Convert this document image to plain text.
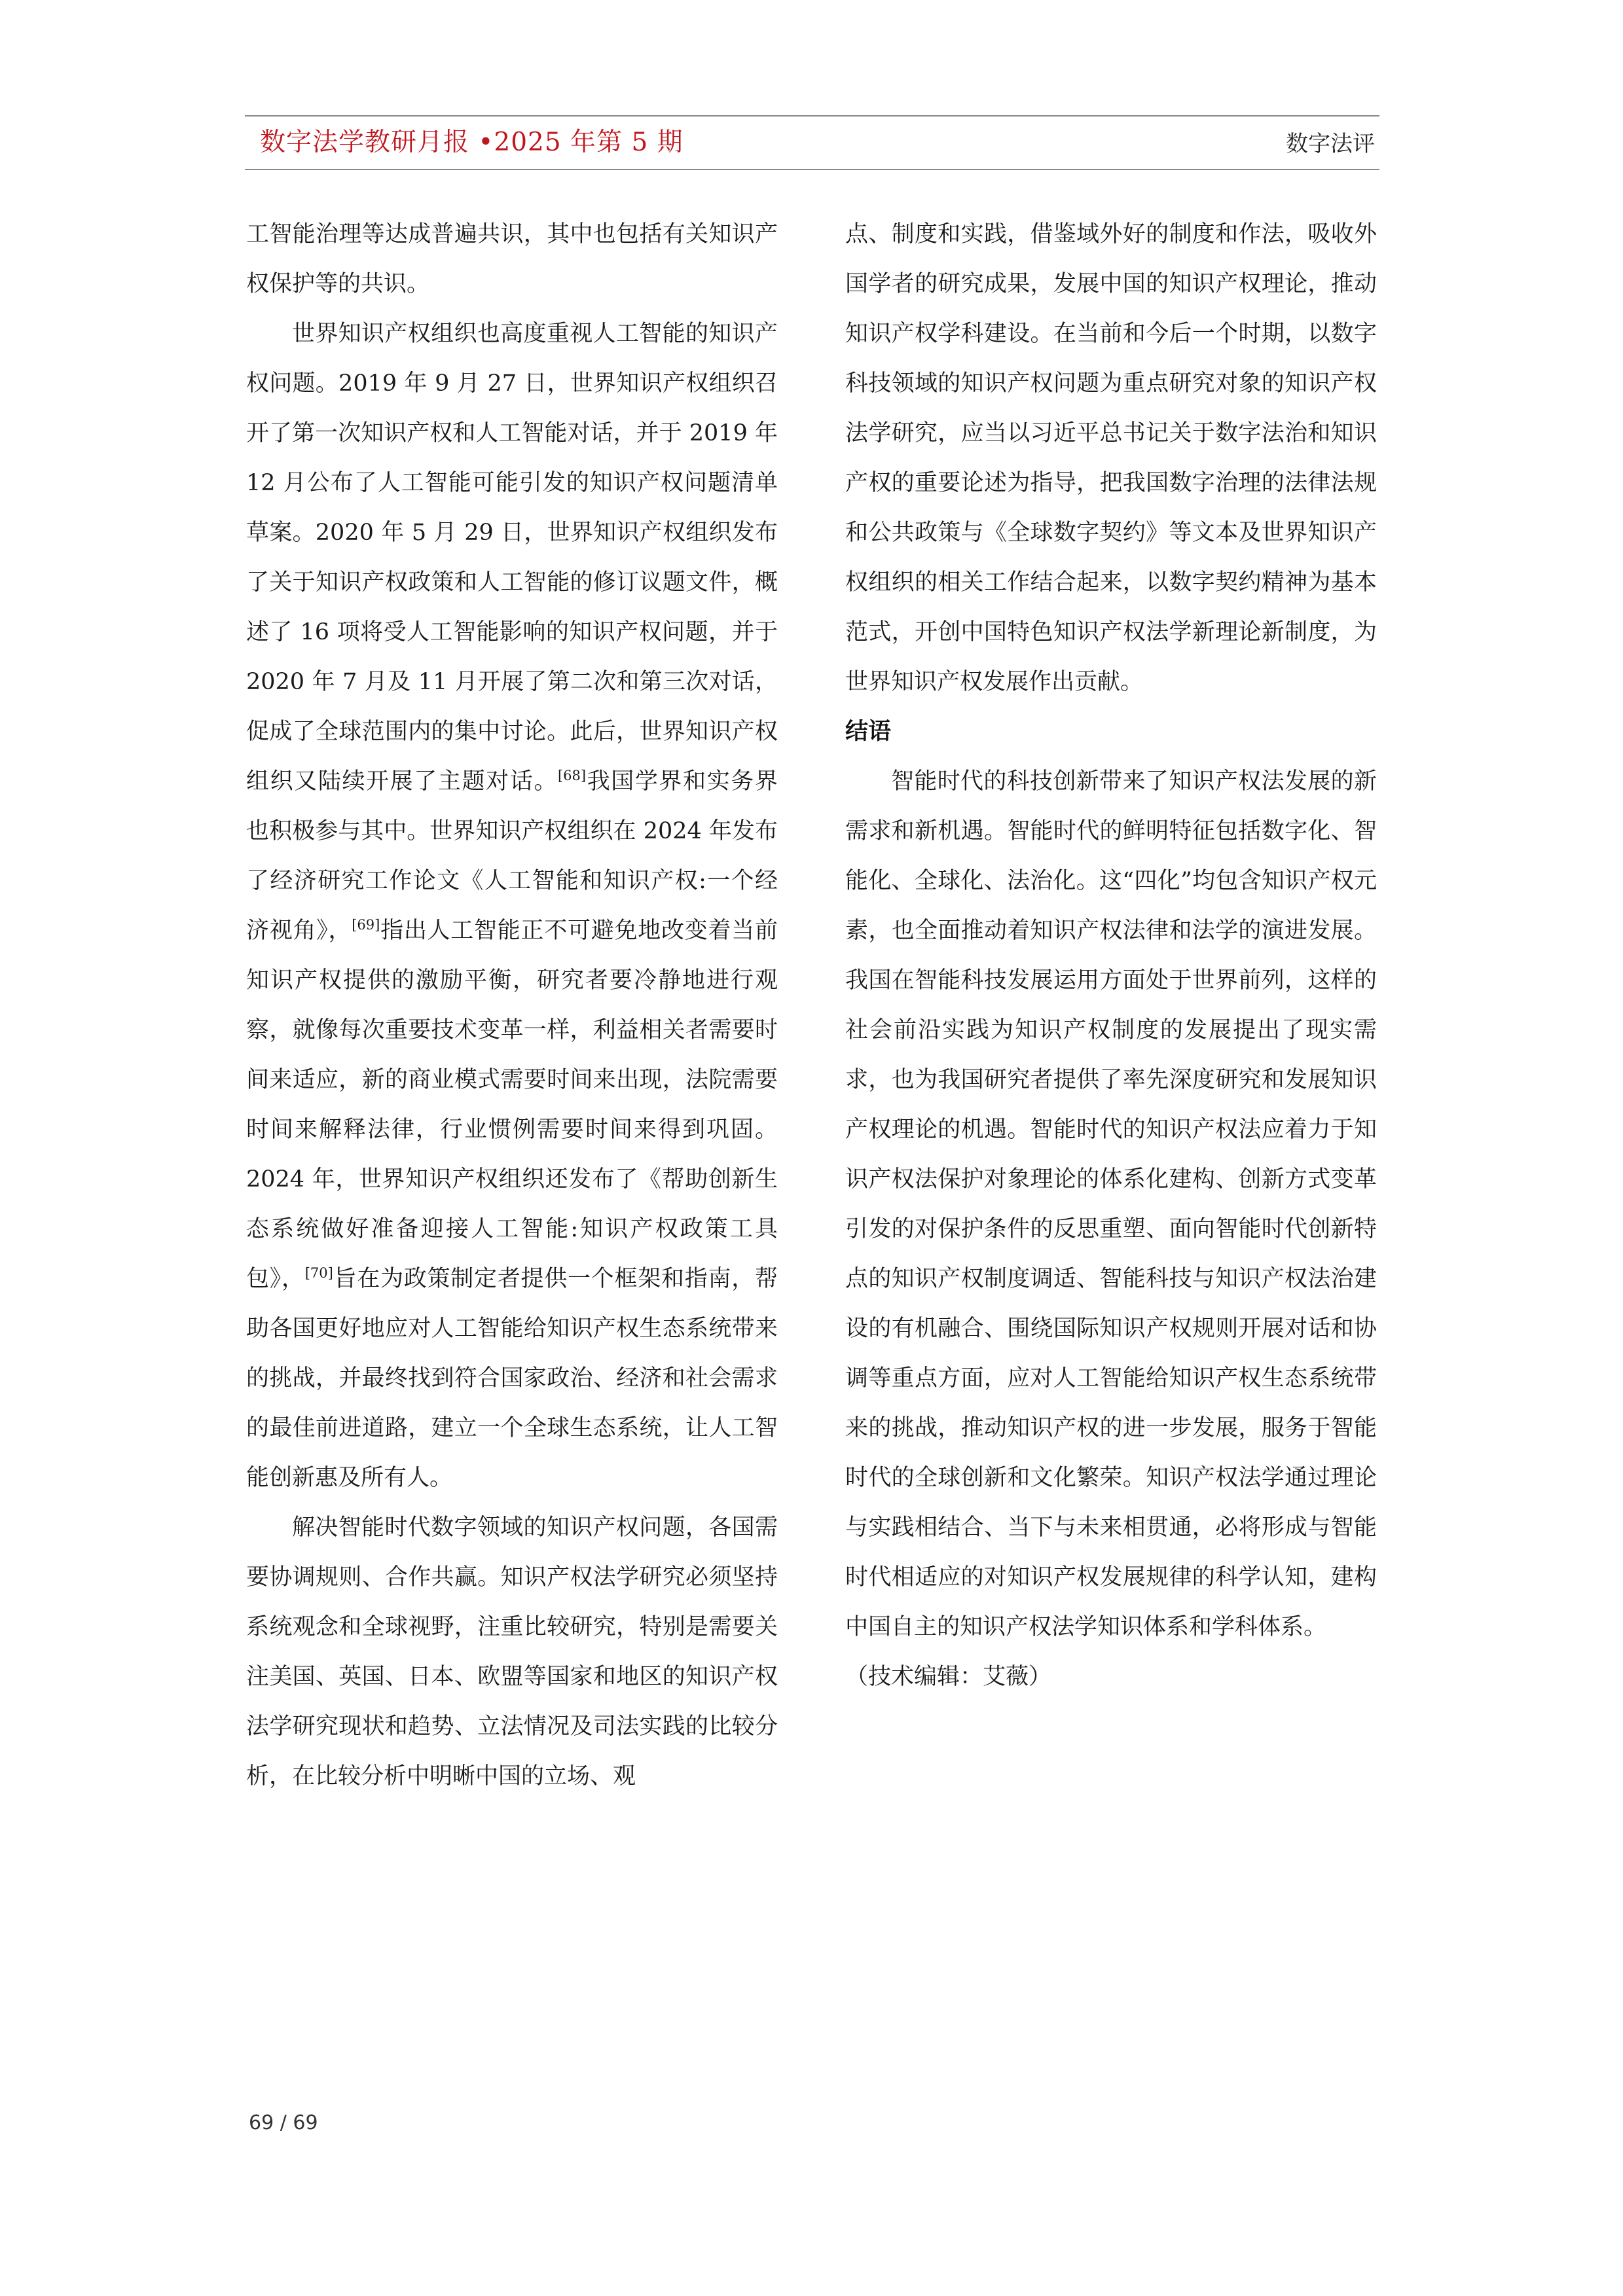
数字法学教研月报 •2025 年第 5 期	数字法评

工智能治理等达成普遍共识，其中也包括有关知识产权保护等的共识。

世界知识产权组织也高度重视人工智能的知识产权问题。2019 年 9 月 27 日，世界知识产权组织召开了第一次知识产权和人工智能对话，并于 2019 年 12 月公布了人工智能可能引发的知识产权问题清单草案。2020 年 5 月 29 日，世界知识产权组织发布了关于知识产权政策和人工智能的修订议题文件，概述了 16 项将受人工智能影响的知识产权问题，并于 2020 年 7 月及 11 月开展了第二次和第三次对话，促成了全球范围内的集中讨论。此后，世界知识产权组织又陆续开展了主题对话。[68]我国学界和实务界也积极参与其中。世界知识产权组织在 2024 年发布了经济研究工作论文《人工智能和知识产权:一个经济视角》，[69]指出人工智能正不可避免地改变着当前知识产权提供的激励平衡，研究者要冷静地进行观察，就像每次重要技术变革一样，利益相关者需要时间来适应，新的商业模式需要时间来出现，法院需要时间来解释法律，行业惯例需要时间来得到巩固。2024 年，世界知识产权组织还发布了《帮助创新生态系统做好准备迎接人工智能:知识产权政策工具包》，[70]旨在为政策制定者提供一个框架和指南，帮助各国更好地应对人工智能给知识产权生态系统带来的挑战，并最终找到符合国家政治、经济和社会需求的最佳前进道路，建立一个全球生态系统，让人工智能创新惠及所有人。

解决智能时代数字领域的知识产权问题，各国需要协调规则、合作共赢。知识产权法学研究必须坚持系统观念和全球视野，注重比较研究，特别是需要关注美国、英国、日本、欧盟等国家和地区的知识产权法学研究现状和趋势、立法情况及司法实践的比较分析，在比较分析中明晰中国的立场、观

点、制度和实践，借鉴域外好的制度和作法，吸收外国学者的研究成果，发展中国的知识产权理论，推动知识产权学科建设。在当前和今后一个时期，以数字科技领域的知识产权问题为重点研究对象的知识产权法学研究，应当以习近平总书记关于数字法治和知识产权的重要论述为指导，把我国数字治理的法律法规和公共政策与《全球数字契约》等文本及世界知识产权组织的相关工作结合起来，以数字契约精神为基本范式，开创中国特色知识产权法学新理论新制度，为世界知识产权发展作出贡献。

结语

智能时代的科技创新带来了知识产权法发展的新需求和新机遇。智能时代的鲜明特征包括数字化、智能化、全球化、法治化。这“四化”均包含知识产权元素，也全面推动着知识产权法律和法学的演进发展。我国在智能科技发展运用方面处于世界前列，这样的社会前沿实践为知识产权制度的发展提出了现实需求，也为我国研究者提供了率先深度研究和发展知识产权理论的机遇。智能时代的知识产权法应着力于知识产权法保护对象理论的体系化建构、创新方式变革引发的对保护条件的反思重塑、面向智能时代创新特点的知识产权制度调适、智能科技与知识产权法治建设的有机融合、围绕国际知识产权规则开展对话和协调等重点方面，应对人工智能给知识产权生态系统带来的挑战，推动知识产权的进一步发展，服务于智能时代的全球创新和文化繁荣。知识产权法学通过理论与实践相结合、当下与未来相贯通，必将形成与智能时代相适应的对知识产权发展规律的科学认知，建构中国自主的知识产权法学知识体系和学科体系。

（技术编辑：艾薇）

69 / 69
